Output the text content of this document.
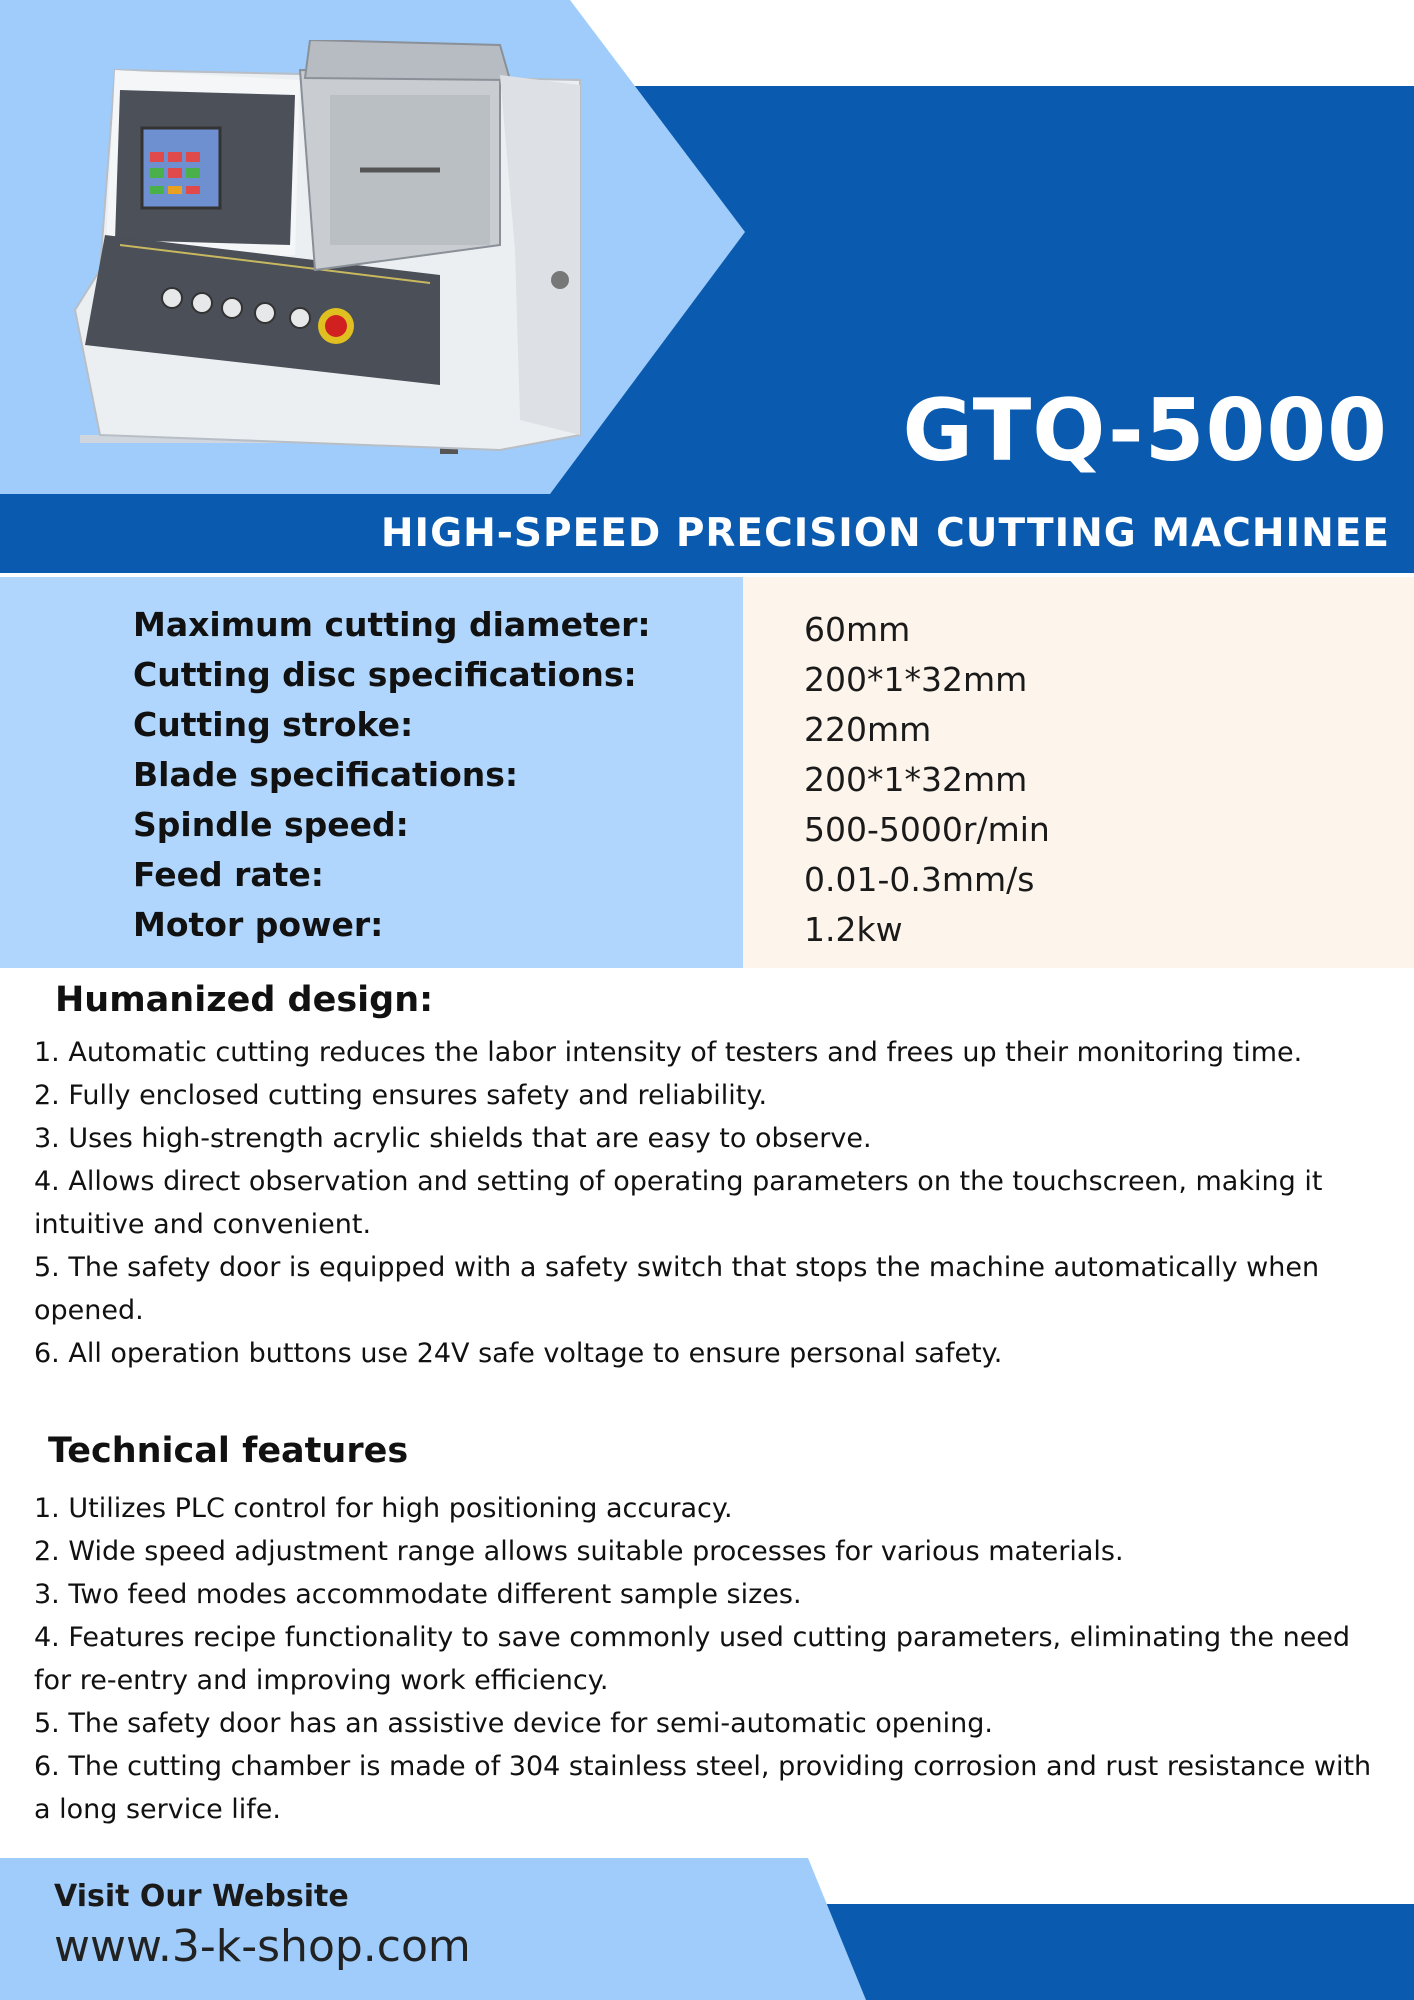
GTQ-5000
HIGH-SPEED PRECISION CUTTING MACHINEE
Maximum cutting diameter:
Cutting disc specifications:
Cutting stroke:
Blade specifications:
Spindle speed:
Feed rate:
Motor power:
60mm
200*1*32mm
220mm
200*1*32mm
500-5000r/min
0.01-0.3mm/s
1.2kw
Humanized design:
1. Automatic cutting reduces the labor intensity of testers and frees up their monitoring time.
2. Fully enclosed cutting ensures safety and reliability.
3. Uses high-strength acrylic shields that are easy to observe.
4. Allows direct observation and setting of operating parameters on the touchscreen, making it intuitive and convenient.
5. The safety door is equipped with a safety switch that stops the machine automatically when opened.
6. All operation buttons use 24V safe voltage to ensure personal safety.
Technical features
1. Utilizes PLC control for high positioning accuracy.
2. Wide speed adjustment range allows suitable processes for various materials.
3. Two feed modes accommodate different sample sizes.
4. Features recipe functionality to save commonly used cutting parameters, eliminating the need for re-entry and improving work efficiency.
5. The safety door has an assistive device for semi-automatic opening.
6. The cutting chamber is made of 304 stainless steel, providing corrosion and rust resistance with a long service life.
Visit Our Website
www.3-k-shop.com
